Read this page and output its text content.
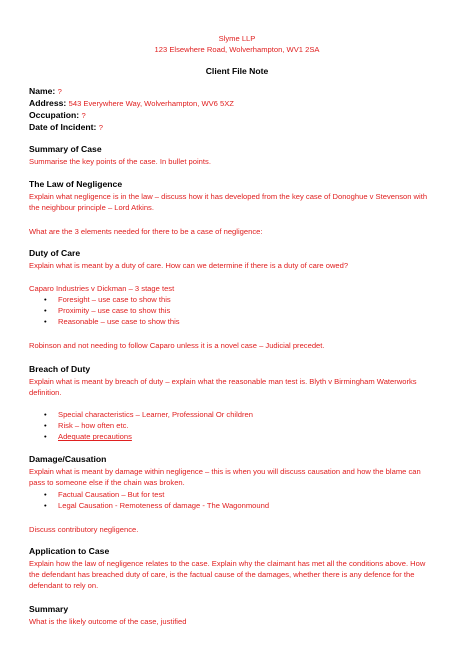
Slyme LLP

123 Elsewhere Road, Wolverhampton, WV1 2SA

Client File Note

Name: ?
Address: 543 Everywhere Way, Wolverhampton, WV6 5XZ
Occupation: ?
Date of Incident: ?

Summary of Case

Summarise the key points of the case. In bullet points.

The Law of Negligence

Explain what negligence is in the law – discuss how it has developed from the key case of Donoghue v Stevenson with the neighbour principle – Lord Atkins.

What are the 3 elements needed for there to be a case of negligence:

Duty of Care

Explain what is meant by a duty of care. How can we determine if there is a duty of care owed?

Caparo Industries v Dickman – 3 stage test

• Foresight – use case to show this
• Proximity – use case to show this
• Reasonable – use case to show this

Robinson and not needing to follow Caparo unless it is a novel case – Judicial precedet.

Breach of Duty

Explain what is meant by breach of duty – explain what the reasonable man test is. Blyth v Birmingham Waterworks definition.

• Special characteristics – Learner, Professional Or children
• Risk – how often etc.
• Adequate precautions

Damage/Causation

Explain what is meant by damage within negligence – this is when you will discuss causation and how the blame can pass to someone else if the chain was broken.

• Factual Causation – But for test
• Legal Causation - Remoteness of damage - The Wagonmound

Discuss contributory negligence.

Application to Case

Explain how the law of negligence relates to the case. Explain why the claimant has met all the conditions above. How the defendant has breached duty of care, is the factual cause of the damages, whether there is any defence for the defendant to rely on.

Summary

What is the likely outcome of the case, justified
